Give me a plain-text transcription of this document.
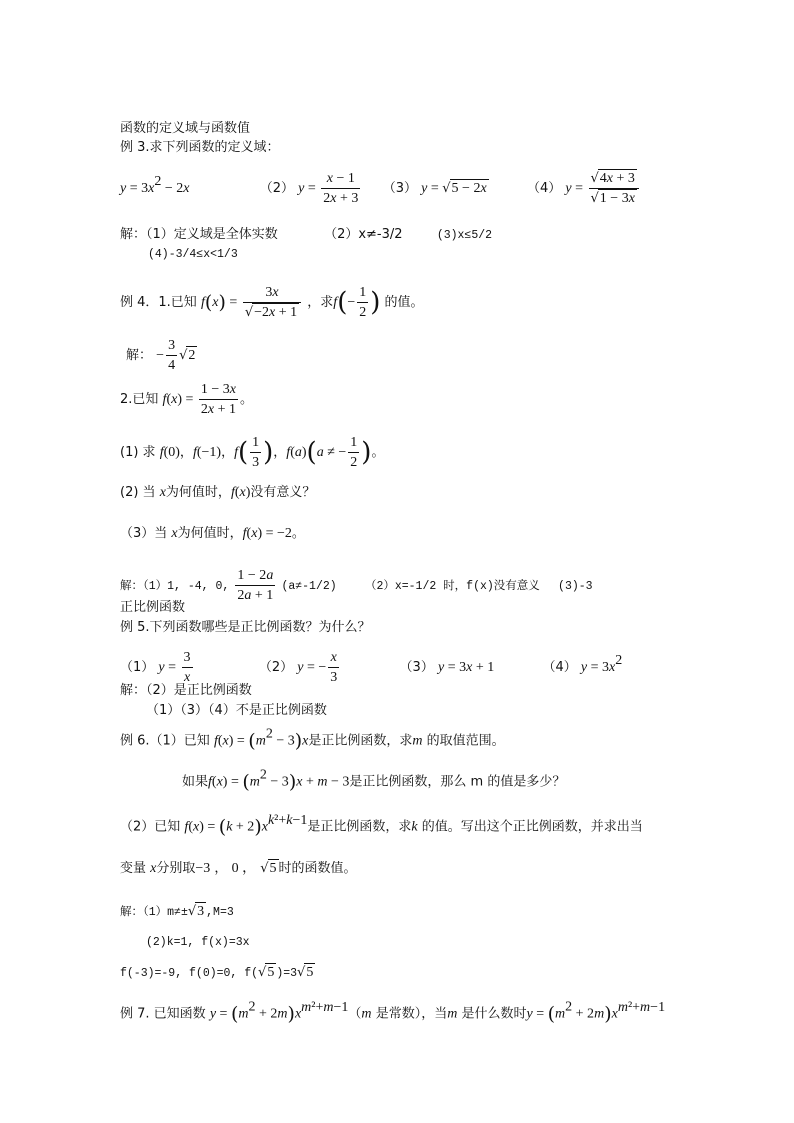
函数的定义域与函数值
例 3.求下列函数的定义域：
$y = 3x^2 - 2x$	（2） $y = \frac{x - 1}{2x + 3} (3) y = √5 - 2x$	（4） $y = \frac{√4x + 3}{√1 - 3x}$
解：（1）定义域是全体实数	（2）x≠-3/2	(3)x≤5/2
(4)-3/4≤x<1/3
例 4．1.已知 $f(x) = \frac{3x}{√-2x + 1}$ ，求$f(- \frac{1}{2}$ ) 的值。
解： − $\frac{3}{4} √2$
2.已知 $f(x) = \frac{1 - 3x}{2x + 1}$ 。
(1) 求 f(0)，f(−1)，$f( \frac{1}{3}$ )，f(a)(a ≠ − $\frac{1}{2}$ )。
(2) 当 x为何值时，f(x)没有意义？
（3）当 x为何值时，f(x) = −2。
解：（1）1, -4, 0, $\frac{1 - 2a}{2a + 1} (a\ne-1/2)$ （2）x=-1/2 时，f(x)没有意义 (3)-3
正比例函数
例 5.下列函数哪些是正比例函数？为什么？
（1） $y = \frac{3}{x}$	（2） y = − $\frac{x}{3}$	（3） y = 3x + 1	（4） $y = 3x^2$
解：（2）是正比例函数
（1）（3）（4）不是正比例函数
例 6.（1）已知 $f(x) = (m^2 - 3)x$是正比例函数，求m 的取值范围。
如果$f(x) = (m^2 - 3)x + m - 3$是正比例函数，那么 m 的值是多少？
（2）已知 $f(x) = (k + 2)x^{k^2+k-1}$是正比例函数，求k 的值。写出这个正比例函数，并求出当
变量 x分别取−3 ， 0 ， √5 时的函数值。
解：（1）m≠±√3 ,M=3
(2)k=1, f(x)=3x
f(-3)=-9, f(0)=0, f(√5 )=3√5
例 7. 已知函数 $y = (m^2 + 2m)x^{m^2+m-1}(m$ 是常数），当m 是什么数时$y = (m^2 + 2m)x^{m^2+m-1}$
